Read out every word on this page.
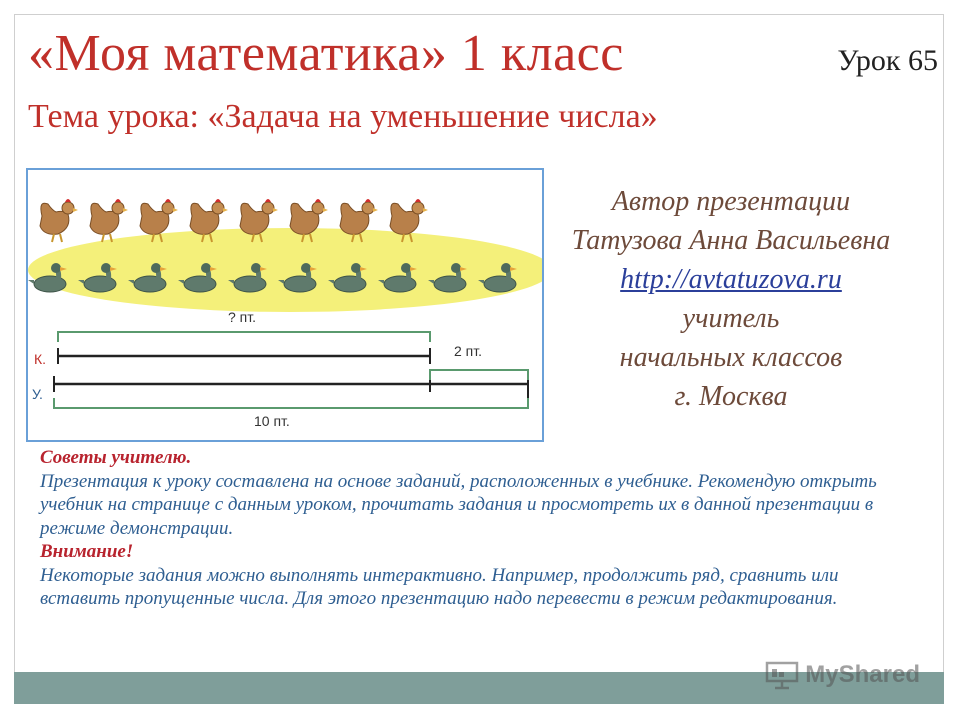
«Моя математика» 1 класс	Урок 65
Тема урока: «Задача на уменьшение числа»
? пт.
К.	2 пт.
У.
10 пт.
Автор презентации
Татузова Анна Васильевна
http://avtatuzova.ru
учитель
начальных классов
г. Москва
Советы учителю.
Презентация к уроку составлена на основе заданий, расположенных в учебнике. Рекомендую открыть учебник на странице с данным уроком, прочитать задания и просмотреть их в данной презентации в режиме демонстрации.
Внимание!
Некоторые задания можно выполнять интерактивно. Например, продолжить ряд, сравнить или вставить пропущенные числа. Для этого презентацию надо перевести в режим редактирования.
MyShared
